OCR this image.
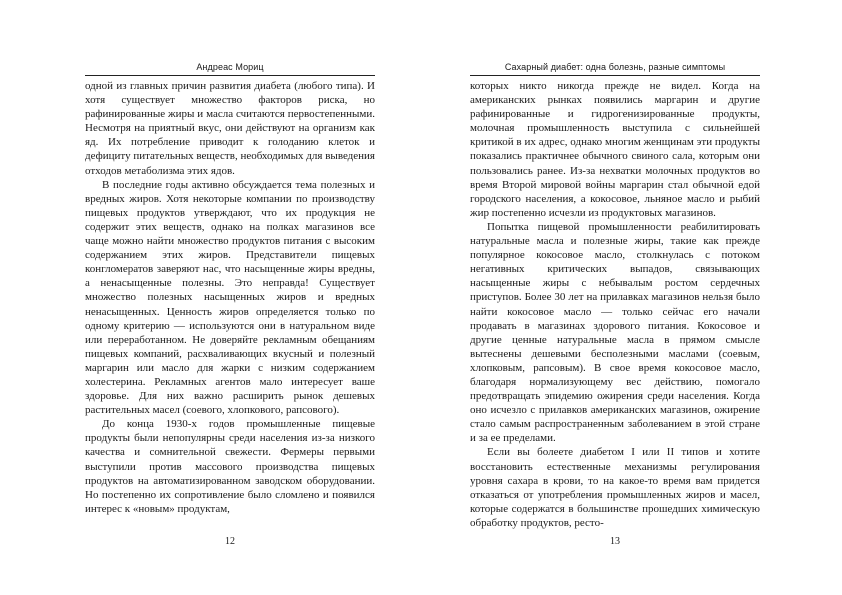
Андреас Мориц

одной из главных причин развития диабета (любого типа). И хотя существует множество факторов риска, но рафинированные жиры и масла считаются первостепенными. Несмотря на приятный вкус, они действуют на организм как яд. Их потребление приводит к голоданию клеток и дефициту питательных веществ, необходимых для выведения отходов метаболизма этих ядов.

В последние годы активно обсуждается тема полезных и вредных жиров. Хотя некоторые компании по производству пищевых продуктов утверждают, что их продукция не содержит этих веществ, однако на полках магазинов все чаще можно найти множество продуктов питания с высоким содержанием этих жиров. Представители пищевых конгломератов заверяют нас, что насыщенные жиры вредны, а ненасыщенные полезны. Это неправда! Существует множество полезных насыщенных жиров и вредных ненасыщенных. Ценность жиров определяется только по одному критерию — используются они в натуральном виде или переработанном. Не доверяйте рекламным обещаниям пищевых компаний, расхваливающих вкусный и полезный маргарин или масло для жарки с низким содержанием холестерина. Рекламных агентов мало интересует ваше здоровье. Для них важно расширить рынок дешевых растительных масел (соевого, хлопкового, рапсового).

До конца 1930-х годов промышленные пищевые продукты были непопулярны среди населения из-за низкого качества и сомнительной свежести. Фермеры первыми выступили против массового производства пищевых продуктов на автоматизированном заводском оборудовании. Но постепенно их сопротивление было сломлено и появился интерес к «новым» продуктам,

12
Сахарный диабет: одна болезнь, разные симптомы

которых никто никогда прежде не видел. Когда на американских рынках появились маргарин и другие рафинированные и гидрогенизированные продукты, молочная промышленность выступила с сильнейшей критикой в их адрес, однако многим женщинам эти продукты показались практичнее обычного свиного сала, которым они пользовались ранее. Из-за нехватки молочных продуктов во время Второй мировой войны маргарин стал обычной едой городского населения, а кокосовое, льняное масло и рыбий жир постепенно исчезли из продуктовых магазинов.

Попытка пищевой промышленности реабилитировать натуральные масла и полезные жиры, такие как прежде популярное кокосовое масло, столкнулась с потоком негативных критических выпадов, связывающих насыщенные жиры с небывалым ростом сердечных приступов. Более 30 лет на прилавках магазинов нельзя было найти кокосовое масло — только сейчас его начали продавать в магазинах здорового питания. Кокосовое и другие ценные натуральные масла в прямом смысле вытеснены дешевыми бесполезными маслами (соевым, хлопковым, рапсовым). В свое время кокосовое масло, благодаря нормализующему вес действию, помогало предотвращать эпидемию ожирения среди населения. Когда оно исчезло с прилавков американских магазинов, ожирение стало самым распространенным заболеванием в этой стране и за ее пределами.

Если вы болеете диабетом I или II типов и хотите восстановить естественные механизмы регулирования уровня сахара в крови, то на какое-то время вам придется отказаться от употребления промышленных жиров и масел, которые содержатся в большинстве прошедших химическую обработку продуктов, ресто-

13
